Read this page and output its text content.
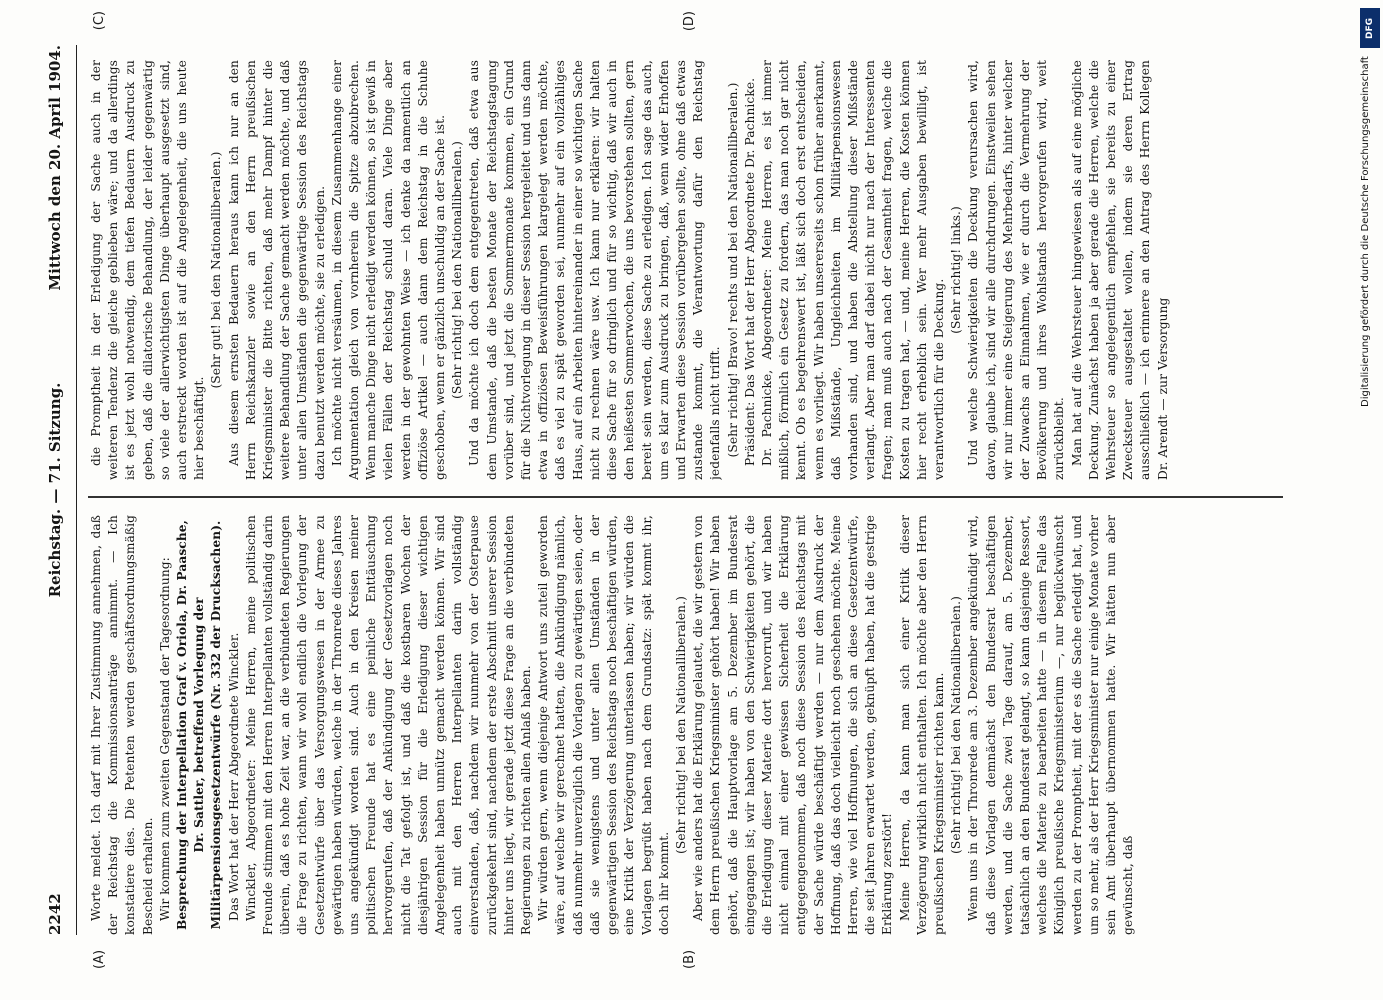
2242
Reichstag. — 71. Sitzung.
Mittwoch den 20. April 1904.
(A)	(B)
(C)	(D)

Worte meldet. Ich darf mit Ihrer Zustimmung annehmen, daß der Reichstag die Kommissionsanträge annimmt. — Ich konstatiere dies. Die Petenten werden geschäftsordnungsmäßig Bescheid erhalten. Wir kommen zum zweiten Gegenstand der Tagesordnung: Besprechung der Interpellation Graf v. Oriola, Dr. Paasche, Dr. Sattler, betreffend Vorlegung der Militärpensionsgesetzentwürfe (Nr. 332 der Drucksachen). Das Wort hat der Herr Abgeordnete Winckler. Winckler, Abgeordneter: Meine Herren, meine politischen Freunde stimmen mit den Herren Interpellanten vollständig darin überein, daß es hohe Zeit war, an die verbündeten Regierungen die Frage zu richten, wann wir wohl endlich die Vorlegung der Gesetzentwürfe über das Versorgungswesen in der Armee zu gewärtigen haben würden, welche in der Thronrede dieses Jahres uns angekündigt worden sind. Auch in den Kreisen meiner politischen Freunde hat es eine peinliche Enttäuschung hervorgerufen, daß der Ankündigung der Gesetzvorlagen noch nicht die Tat gefolgt ist, und daß die kostbaren Wochen der diesjährigen Session für die Erledigung dieser wichtigen Angelegenheit haben unnütz gemacht werden können. Wir sind auch mit den Herren Interpellanten darin vollständig einverstanden, daß, nachdem wir nunmehr von der Osterpause zurückgekehrt sind, nachdem der erste Abschnitt unserer Session hinter uns liegt, wir gerade jetzt diese Frage an die verbündeten Regierungen zu richten allen Anlaß haben. Wir würden gern, wenn diejenige Antwort uns zuteil geworden wäre, auf welche wir gerechnet hatten, die Ankündigung nämlich, daß nunmehr unverzüglich die Vorlagen zu gewärtigen seien, oder daß sie wenigstens und unter allen Umständen in der gegenwärtigen Session des Reichstags noch beschäftigen würden, eine Kritik der Verzögerung unterlassen haben; wir würden die Vorlagen begrüßt haben nach dem Grundsatz: spät kommt ihr, doch ihr kommt.

(Sehr richtig! bei den Nationalliberalen.) Aber wie anders hat die Erklärung gelautet, die wir gestern von dem Herrn preußischen Kriegsminister gehört haben! Wir haben gehört, daß die Hauptvorlage am 5. Dezember im Bundesrat eingegangen ist; wir haben von den Schwierigkeiten gehört, die die Erledigung dieser Materie dort hervorruft, und wir haben nicht einmal mit einer gewissen Sicherheit die Erklärung entgegengenommen, daß noch diese Session des Reichstags mit der Sache würde beschäftigt werden — nur dem Ausdruck der Hoffnung, daß das doch vielleicht noch geschehen möchte. Meine Herren, wie viel Hoffnungen, die sich an diese Gesetzentwürfe, die seit Jahren erwartet werden, geknüpft haben, hat die gestrige Erklärung zerstört! Meine Herren, da kann man sich einer Kritik dieser Verzögerung wirklich nicht enthalten. Ich möchte aber den Herrn preußischen Kriegsminister richten kann. (Sehr richtig! bei den Nationalliberalen.) Wenn uns in der Thronrede am 3. Dezember angekündigt wird, daß diese Vorlagen demnächst den Bundesrat beschäftigen werden, und die Sache zwei Tage darauf, am 5. Dezember, tatsächlich an den Bundesrat gelangt, so kann dasjenige Ressort, welches die Materie zu bearbeiten hatte — in diesem Falle das Königlich preußische Kriegsministerium —, nur beglückwünscht werden zu der Promptheit, mit der es die Sache erledigt hat, und um so mehr, als der Herr Kriegsminister nur einige Monate vorher sein Amt überhaupt übernommen hatte. Wir hätten nun aber gewünscht, daß

die Promptheit in der Erledigung der Sache auch in der weiteren Tendenz die gleiche geblieben wäre; und da allerdings ist es jetzt wohl notwendig, dem tiefen Bedauern Ausdruck zu geben, daß die dilatorische Behandlung, der leider gegenwärtig so viele der allerwichtigsten Dinge überhaupt ausgesetzt sind, auch erstreckt worden ist auf die Angelegenheit, die uns heute hier beschäftigt.

(Sehr gut! bei den Nationalliberalen.) Aus diesem ernsten Bedauern heraus kann ich nur an den Herrn Reichskanzler sowie an den Herrn preußischen Kriegsminister die Bitte richten, daß mehr Dampf hinter die weitere Behandlung der Sache gemacht werden möchte, und daß unter allen Umständen die gegenwärtige Session des Reichstags dazu benutzt werden möchte, sie zu erledigen. Ich möchte nicht versäumen, in diesem Zusammenhange einer Argumentation gleich von vornherein die Spitze abzubrechen. Wenn manche Dinge nicht erledigt werden können, so ist gewiß in vielen Fällen der Reichstag schuld daran. Viele Dinge aber werden in der gewohnten Weise — ich denke da namentlich an offiziöse Artikel — auch dann dem Reichstag in die Schuhe geschoben, wenn er gänzlich unschuldig an der Sache ist. (Sehr richtig! bei den Nationalliberalen.) Und da möchte ich doch dem entgegentreten, daß etwa aus dem Umstande, daß die besten Monate der Reichstagstagung vorüber sind, und jetzt die Sommermonate kommen, ein Grund für die Nichtvorlegung in dieser Session hergeleitet und uns dann etwa in offiziösen Beweisführungen klargelegt werden möchte, daß es viel zu spät geworden sei, nunmehr auf ein vollzähliges Haus, auf ein Arbeiten hintereinander in einer so wichtigen Sache nicht zu rechnen wäre usw. Ich kann nur erklären: wir halten diese Sache für so dringlich und für so wichtig, daß wir auch in den heißesten Sommerwochen, die uns bevorstehen sollten, gern bereit sein werden, diese Sache zu erledigen. Ich sage das auch, um es klar zum Ausdruck zu bringen, daß, wenn wider Erhoffen und Erwarten diese Session vorübergehen sollte, ohne daß etwas zustande kommt, die Verantwortung dafür den Reichstag jedenfalls nicht trifft. (Sehr richtig! Bravo! rechts und bei den Nationalliberalen.) Präsident: Das Wort hat der Herr Abgeordnete Dr. Pachnicke. Dr. Pachnicke, Abgeordneter: Meine Herren, es ist immer mißlich, förmlich ein Gesetz zu fordern, das man noch gar nicht kennt. Ob es begehrenswert ist, läßt sich doch erst entscheiden, wenn es vorliegt. Wir haben unsererseits schon früher anerkannt, daß Mißstände, Ungleichheiten im Militärpensionswesen vorhanden sind, und haben die Abstellung dieser Mißstände verlangt. Aber man darf dabei nicht nur nach der Interessenten fragen; man muß auch nach der Gesamtheit fragen, welche die Kosten zu tragen hat, — und, meine Herren, die Kosten können hier recht erheblich sein. Wer mehr Ausgaben bewilligt, ist verantwortlich für die Deckung.

(Sehr richtig! links.) Und welche Schwierigkeiten die Deckung verursachen wird, davon, glaube ich, sind wir alle durchdrungen. Einstweilen sehen wir nur immer eine Steigerung des Mehrbedarfs, hinter welcher der Zuwachs an Einnahmen, wie er durch die Vermehrung der Bevölkerung und ihres Wohlstands hervorgerufen wird, weit zurückbleibt. Man hat auf die Wehrsteuer hingewiesen als auf eine mögliche Deckung. Zunächst haben ja aber gerade die Herren, welche die Wehrsteuer so angelegentlich empfehlen, sie bereits zu einer Zwecksteuer ausgestaltet wollen, indem sie deren Ertrag ausschließlich — ich erinnere an den Antrag des Herrn Kollegen Dr. Arendt — zur Versorgung

DFG
Digitalisierung gefördert durch die Deutsche Forschungsgemeinschaft
